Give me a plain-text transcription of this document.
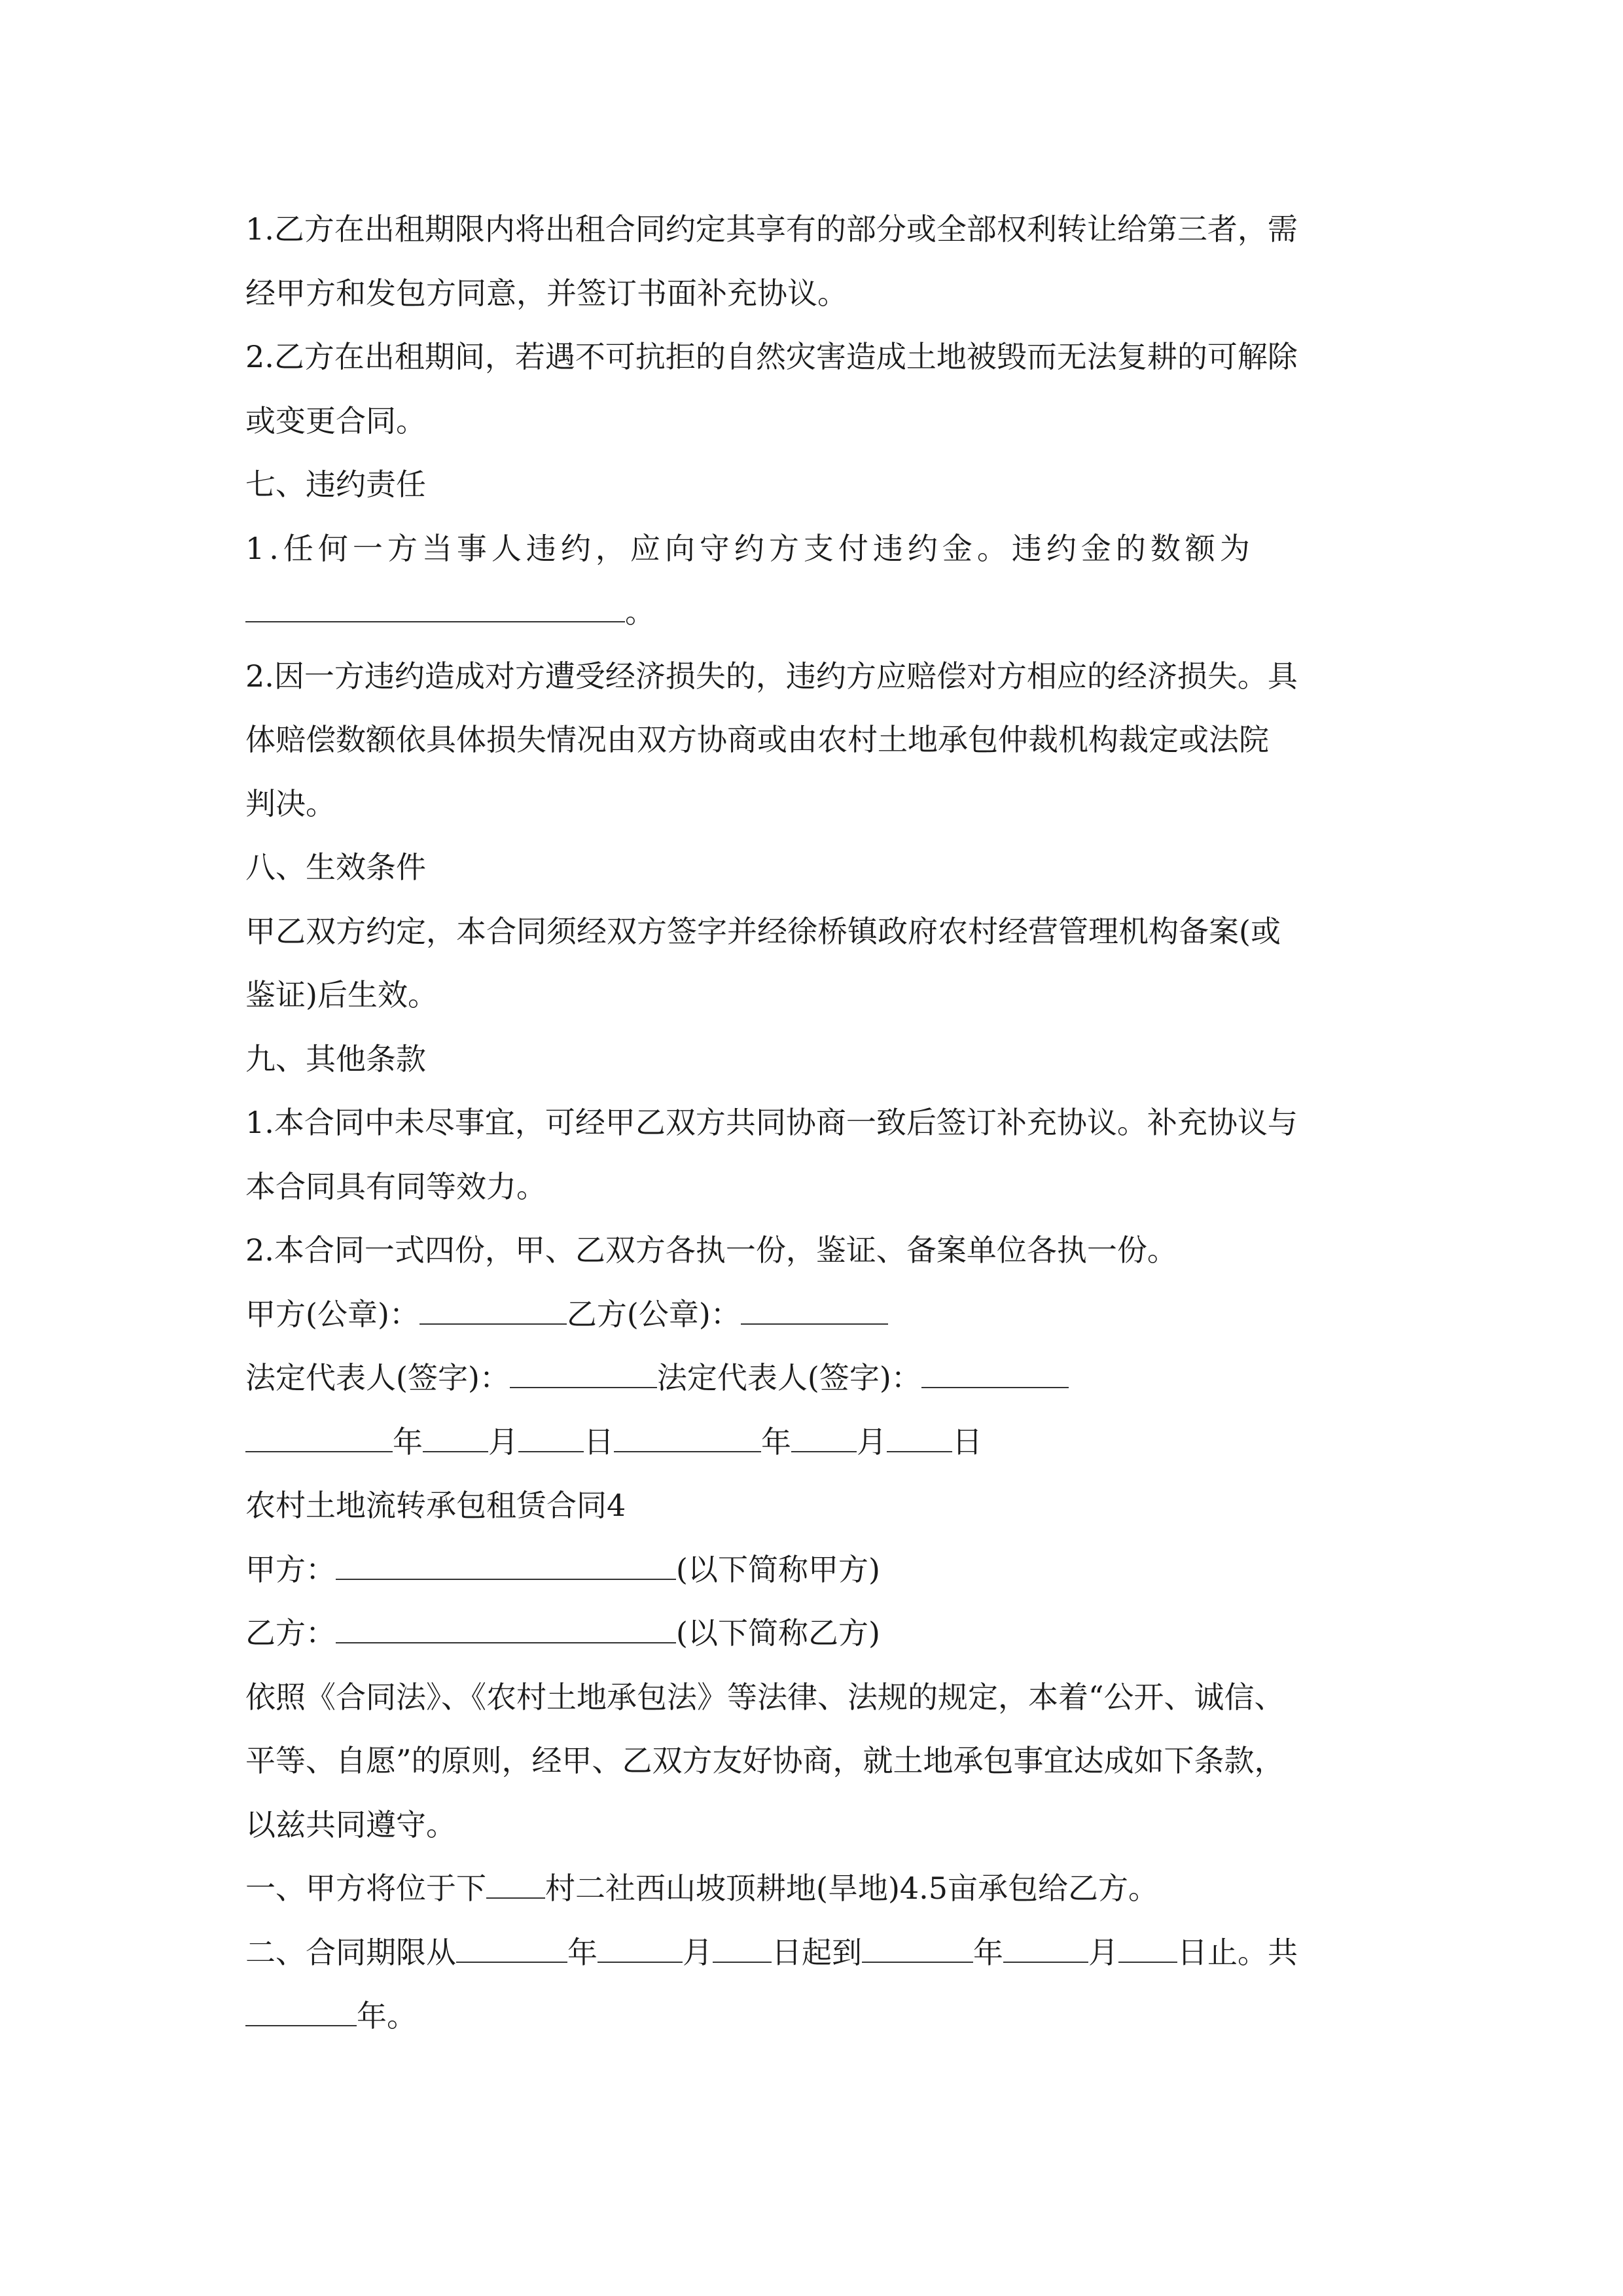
1.乙方在出租期限内将出租合同约定其享有的部分或全部权利转让给第三者，需
经甲方和发包方同意，并签订书面补充协议。
2.乙方在出租期间，若遇不可抗拒的自然灾害造成土地被毁而无法复耕的可解除
或变更合同。
七、违约责任
1.任何一方当事人违约，应向守约方支付违约金。违约金的数额为
。
2.因一方违约造成对方遭受经济损失的，违约方应赔偿对方相应的经济损失。具
体赔偿数额依具体损失情况由双方协商或由农村土地承包仲裁机构裁定或法院
判决。
八、生效条件
甲乙双方约定，本合同须经双方签字并经徐桥镇政府农村经营管理机构备案(或
鉴证)后生效。
九、其他条款
1.本合同中未尽事宜，可经甲乙双方共同协商一致后签订补充协议。补充协议与
本合同具有同等效力。
2.本合同一式四份，甲、乙双方各执一份，鉴证、备案单位各执一份。
甲方(公章)：	乙方(公章)：
法定代表人(签字)：	法定代表人(签字)：
年 月 日	年 月 日
农村土地流转承包租赁合同4
甲方：	(以下简称甲方)
乙方：	(以下简称乙方)
依照《合同法》、《农村土地承包法》等法律、法规的规定，本着“公开、诚信、
平等、自愿”的原则，经甲、乙双方友好协商，就土地承包事宜达成如下条款，
以兹共同遵守。
一、甲方将位于下 村二社西山坡顶耕地(旱地)4.5亩承包给乙方。
二、合同期限从	年	月 日起到	年	月 日止。共
年。
